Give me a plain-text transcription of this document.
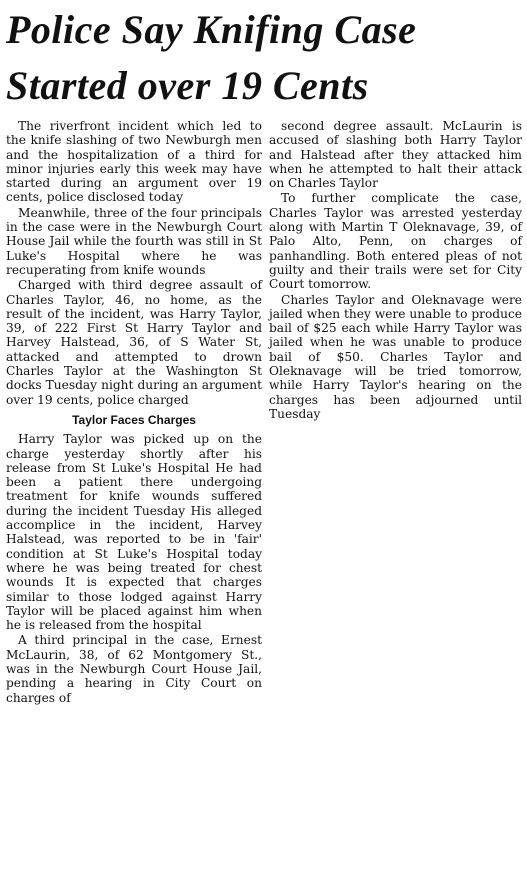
Police Say Knifing Case
Started over 19 Cents

The riverfront incident which led to the knife slashing of two Newburgh men and the hospitalization of a third for minor injuries early this week may have started during an argument over 19 cents, police disclosed today

Meanwhile, three of the four principals in the case were in the Newburgh Court House Jail while the fourth was still in St Luke's Hospital where he was recuperating from knife wounds

Charged with third degree assault of Charles Taylor, 46, no home, as the result of the incident, was Harry Taylor, 39, of 222 First St Harry Taylor and Harvey Halstead, 36, of S Water St, attacked and attempted to drown Charles Taylor at the Washington St docks Tuesday night during an argument over 19 cents, police charged

Taylor Faces Charges

Harry Taylor was picked up on the charge yesterday shortly after his release from St Luke's Hospital He had been a patient there undergoing treatment for knife wounds suffered during the incident Tuesday His alleged accomplice in the incident, Harvey Halstead, was reported to be in 'fair' condition at St Luke's Hospital today where he was being treated for chest wounds It is expected that charges similar to those lodged against Harry Taylor will be placed against him when he is released from the hospital

A third principal in the case, Ernest McLaurin, 38, of 62 Montgomery St., was in the Newburgh Court House Jail, pending a hearing in City Court on charges of

second degree assault. McLaurin is accused of slashing both Harry Taylor and Halstead after they attacked him when he attempted to halt their attack on Charles Taylor

To further complicate the case, Charles Taylor was arrested yesterday along with Martin T Oleknavage, 39, of Palo Alto, Penn, on charges of panhandling. Both entered pleas of not guilty and their trails were set for City Court tomorrow.

Charles Taylor and Oleknavage were jailed when they were unable to produce bail of $25 each while Harry Taylor was jailed when he was unable to produce bail of $50. Charles Taylor and Oleknavage will be tried tomorrow, while Harry Taylor's hearing on the charges has been adjourned until Tuesday
